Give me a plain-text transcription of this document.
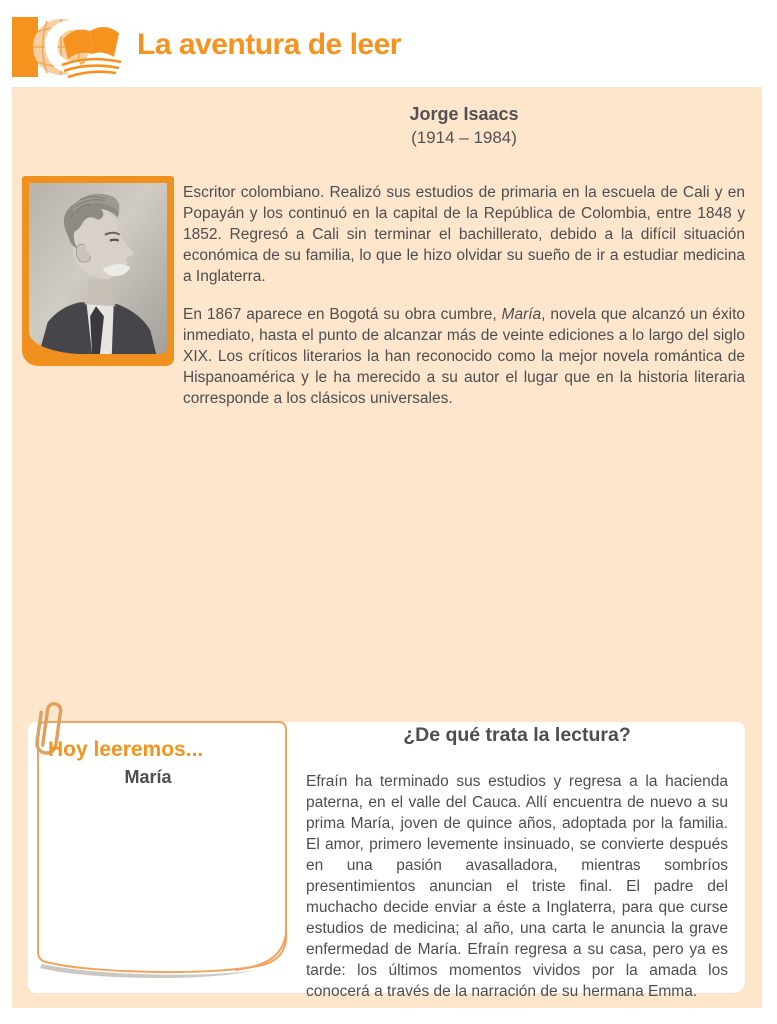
La aventura de leer
Jorge Isaacs
(1914 – 1984)

Escritor colombiano. Realizó sus estudios de primaria en la escuela de Cali y en Popayán y los continuó en la capital de la República de Colombia, entre 1848 y 1852. Regresó a Cali sin terminar el bachillerato, debido a la difícil situación económica de su familia, lo que le hizo olvidar su sueño de ir a estudiar medicina a Inglaterra.

En 1867 aparece en Bogotá su obra cumbre, María, novela que alcanzó un éxito inmediato, hasta el punto de alcanzar más de veinte ediciones a lo largo del siglo XIX. Los críticos literarios la han reconocido como la mejor novela romántica de Hispanoamérica y le ha merecido a su autor el lugar que en la historia literaria corresponde a los clásicos universales.

Hoy leeremos...
María
¿De qué trata la lectura?

Efraín ha terminado sus estudios y regresa a la hacienda paterna, en el valle del Cauca. Allí encuentra de nuevo a su prima María, joven de quince años, adoptada por la familia. El amor, primero levemente insinuado, se convierte después en una pasión avasalladora, mientras sombríos presentimientos anuncian el triste final. El padre del muchacho decide enviar a éste a Inglaterra, para que curse estudios de medicina; al año, una carta le anuncia la grave enfermedad de María. Efraín regresa a su casa, pero ya es tarde: los últimos momentos vividos por la amada los conocerá a través de la narración de su hermana Emma.
